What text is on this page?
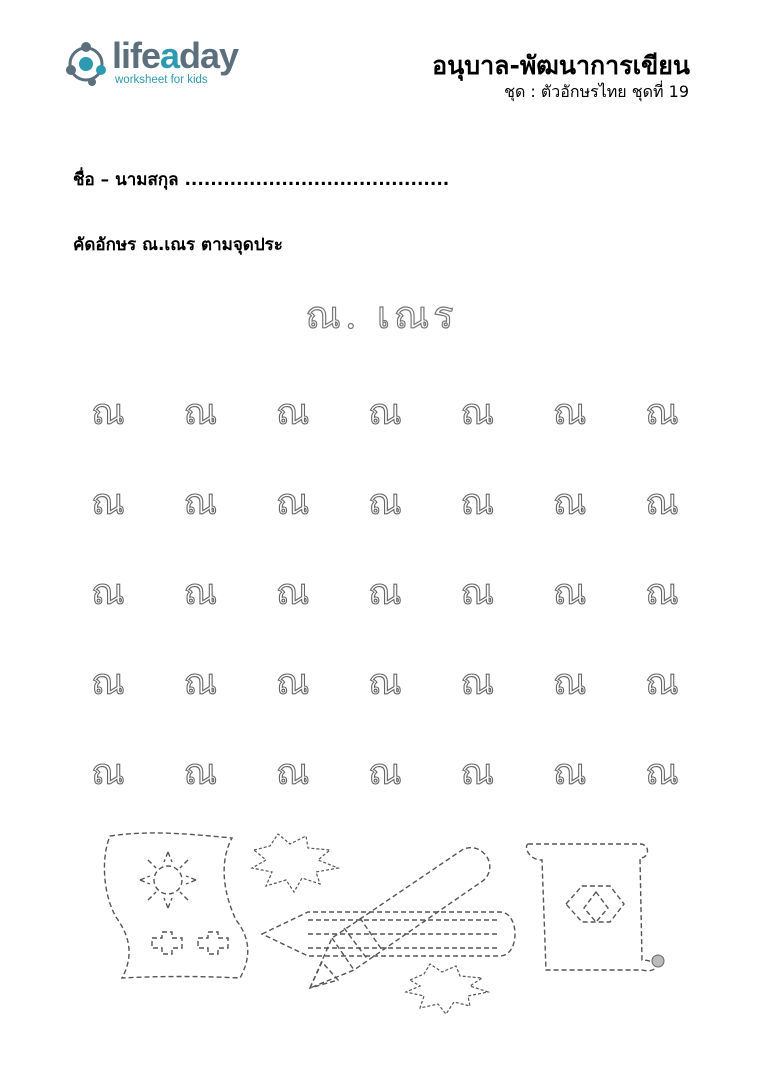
lifeaday
worksheet for kids	อนุบาล-พัฒนาการเขียน
ชุด : ตัวอักษรไทย ชุดที่ 19
ชื่อ – นามสกุล .........................................
คัดอักษร ณ.เณร ตามจุดประ
ณ. เณร
ณ	ณ	ณ	ณ	ณ	ณ	ณ
ณ	ณ	ณ	ณ	ณ	ณ	ณ
ณ	ณ	ณ	ณ	ณ	ณ	ณ
ณ	ณ	ณ	ณ	ณ	ณ	ณ
ณ	ณ	ณ	ณ	ณ	ณ	ณ
